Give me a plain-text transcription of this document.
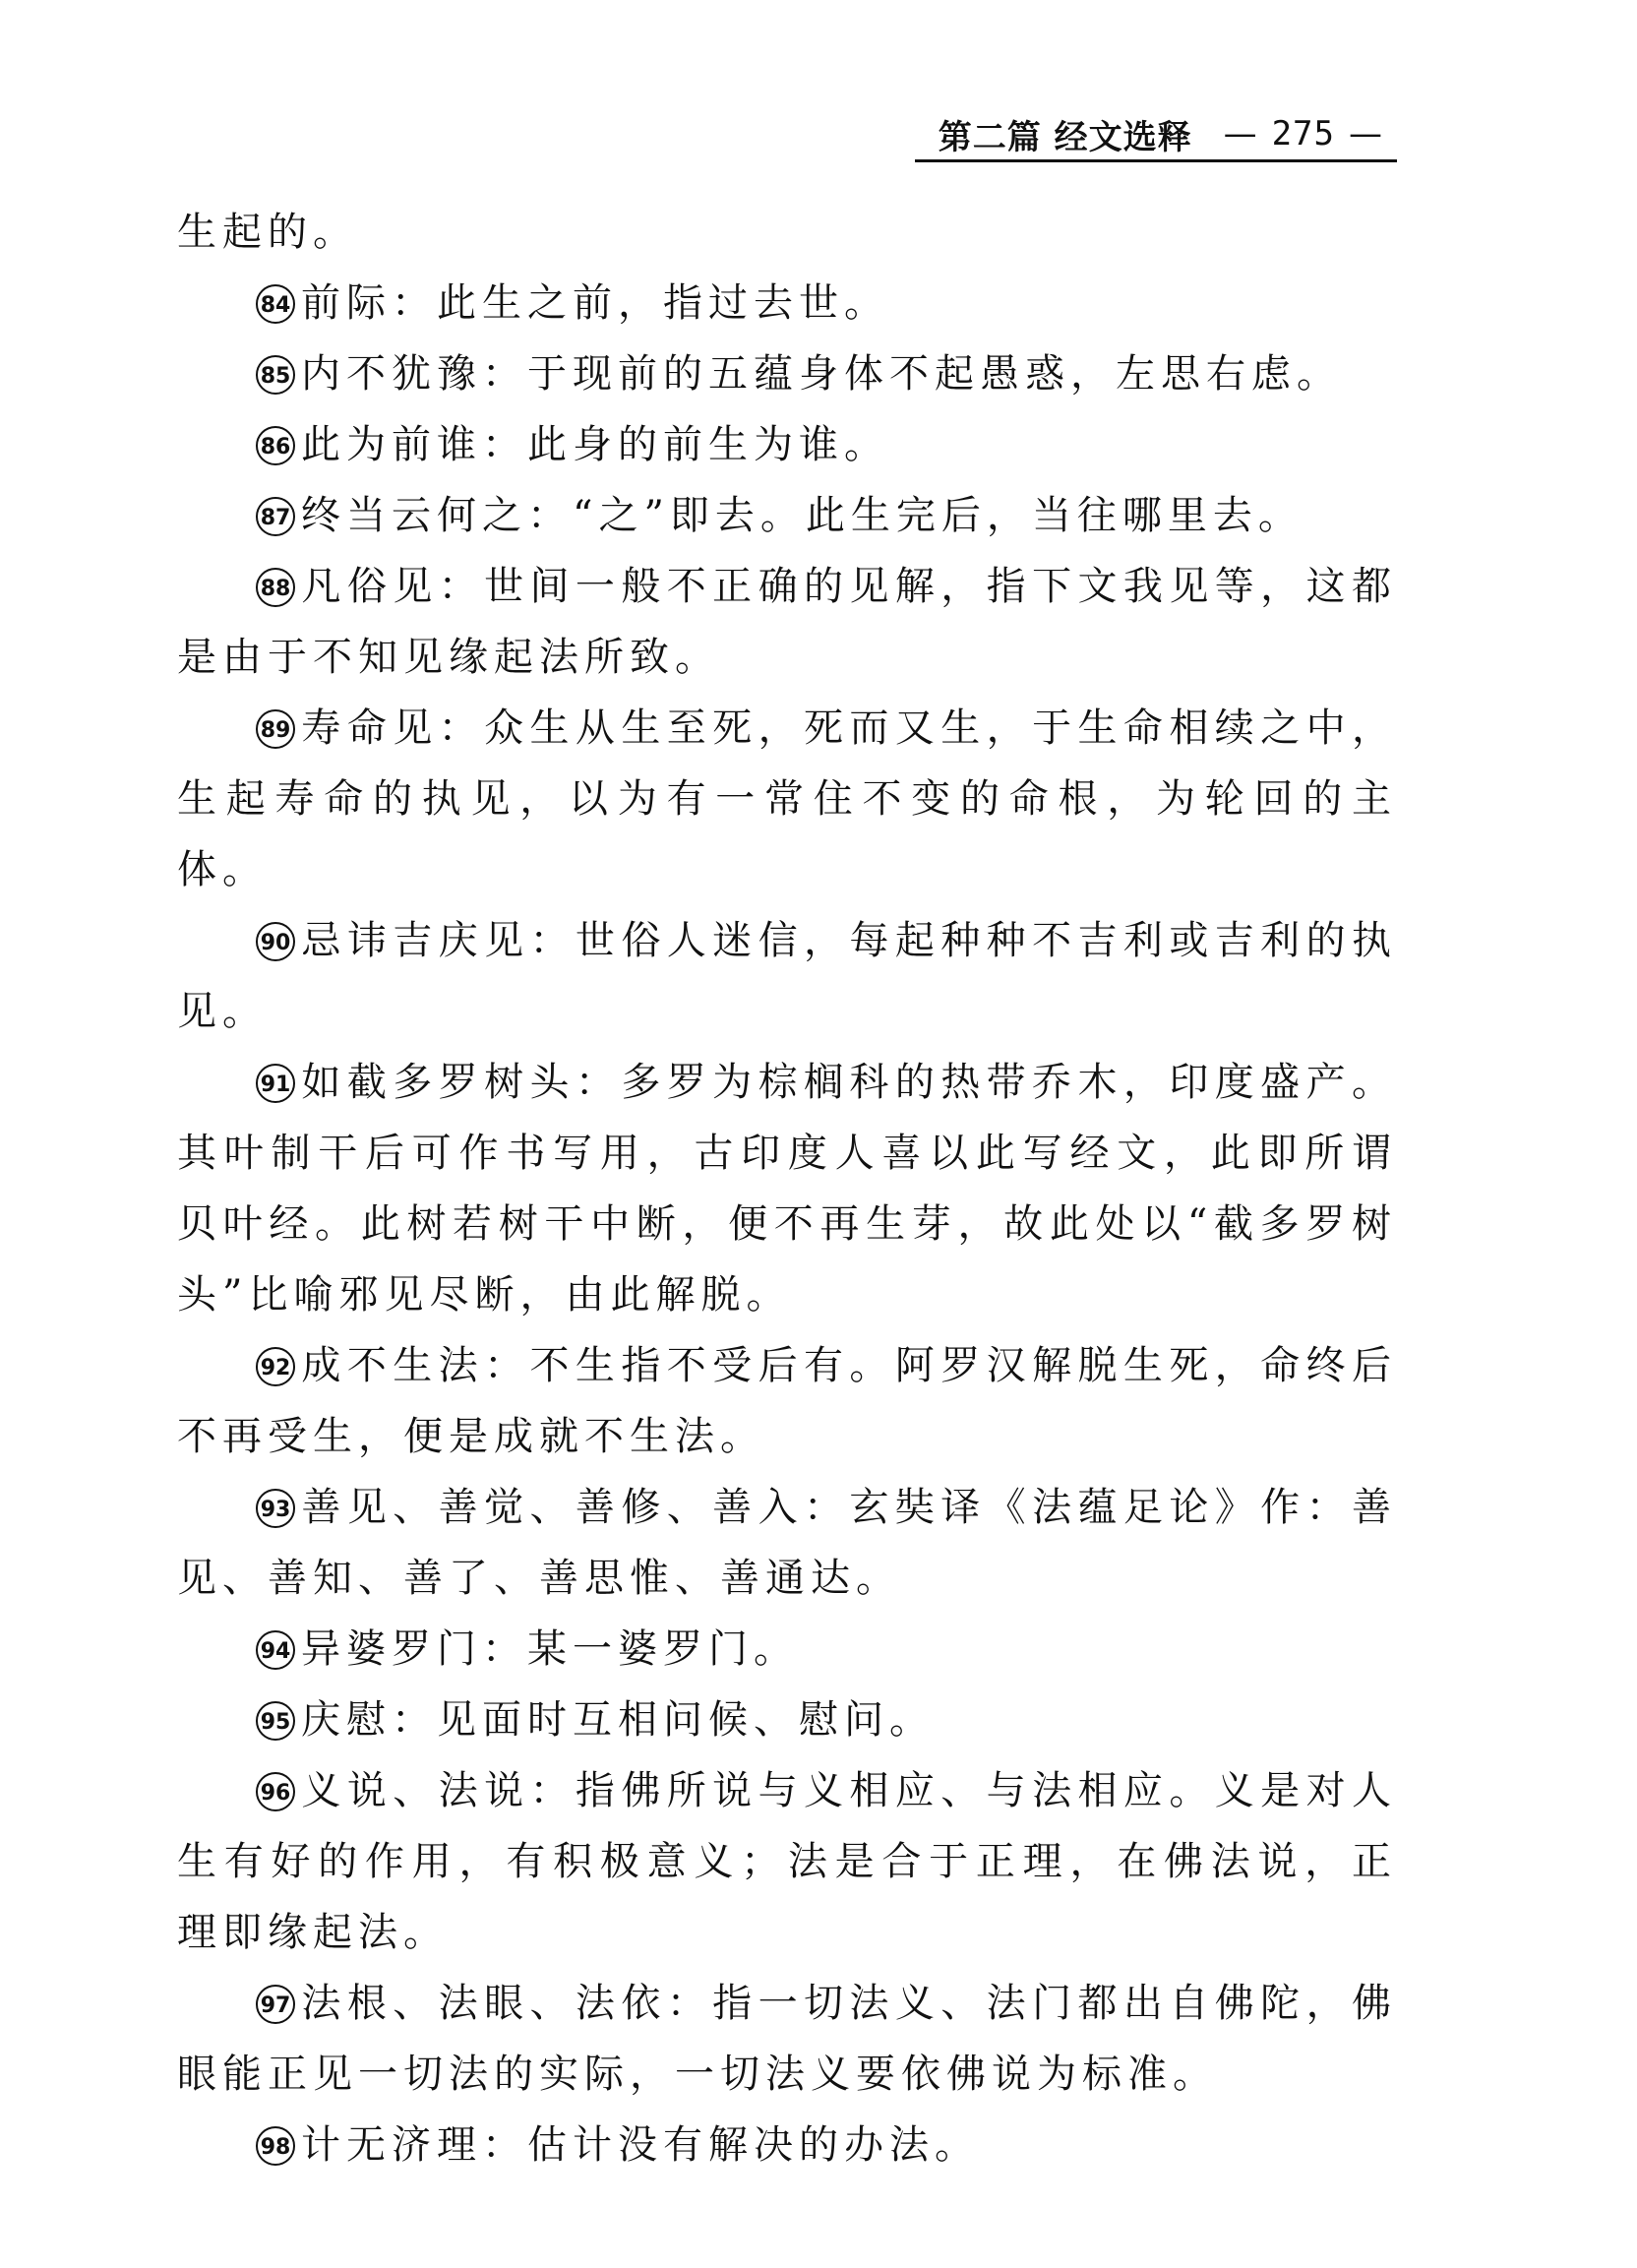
第二篇 经文选释 — 275 —

生起的。

84 前际：此生之前，指过去世。

85 内不犹豫：于现前的五蕴身体不起愚惑，左思右虑。

86 此为前谁：此身的前生为谁。

87 终当云何之：“之”即去。此生完后，当往哪里去。

88 凡俗见：世间一般不正确的见解，指下文我见等，这都是由于不知见缘起法所致。

89 寿命见：众生从生至死，死而又生，于生命相续之中，生起寿命的执见，以为有一常住不变的命根，为轮回的主体。

90 忌讳吉庆见：世俗人迷信，每起种种不吉利或吉利的执见。

91 如截多罗树头：多罗为棕榈科的热带乔木，印度盛产。其叶制干后可作书写用，古印度人喜以此写经文，此即所谓贝叶经。此树若树干中断，便不再生芽，故此处以“截多罗树头”比喻邪见尽断，由此解脱。

92 成不生法：不生指不受后有。阿罗汉解脱生死，命终后不再受生，便是成就不生法。

93 善见、善觉、善修、善入：玄奘译《法蕴足论》作：善见、善知、善了、善思惟、善通达。

94 异婆罗门：某一婆罗门。

95 庆慰：见面时互相问候、慰问。

96 义说、法说：指佛所说与义相应、与法相应。义是对人生有好的作用，有积极意义；法是合于正理，在佛法说，正理即缘起法。

97 法根、法眼、法依：指一切法义、法门都出自佛陀，佛眼能正见一切法的实际，一切法义要依佛说为标准。

98 计无济理：估计没有解决的办法。
